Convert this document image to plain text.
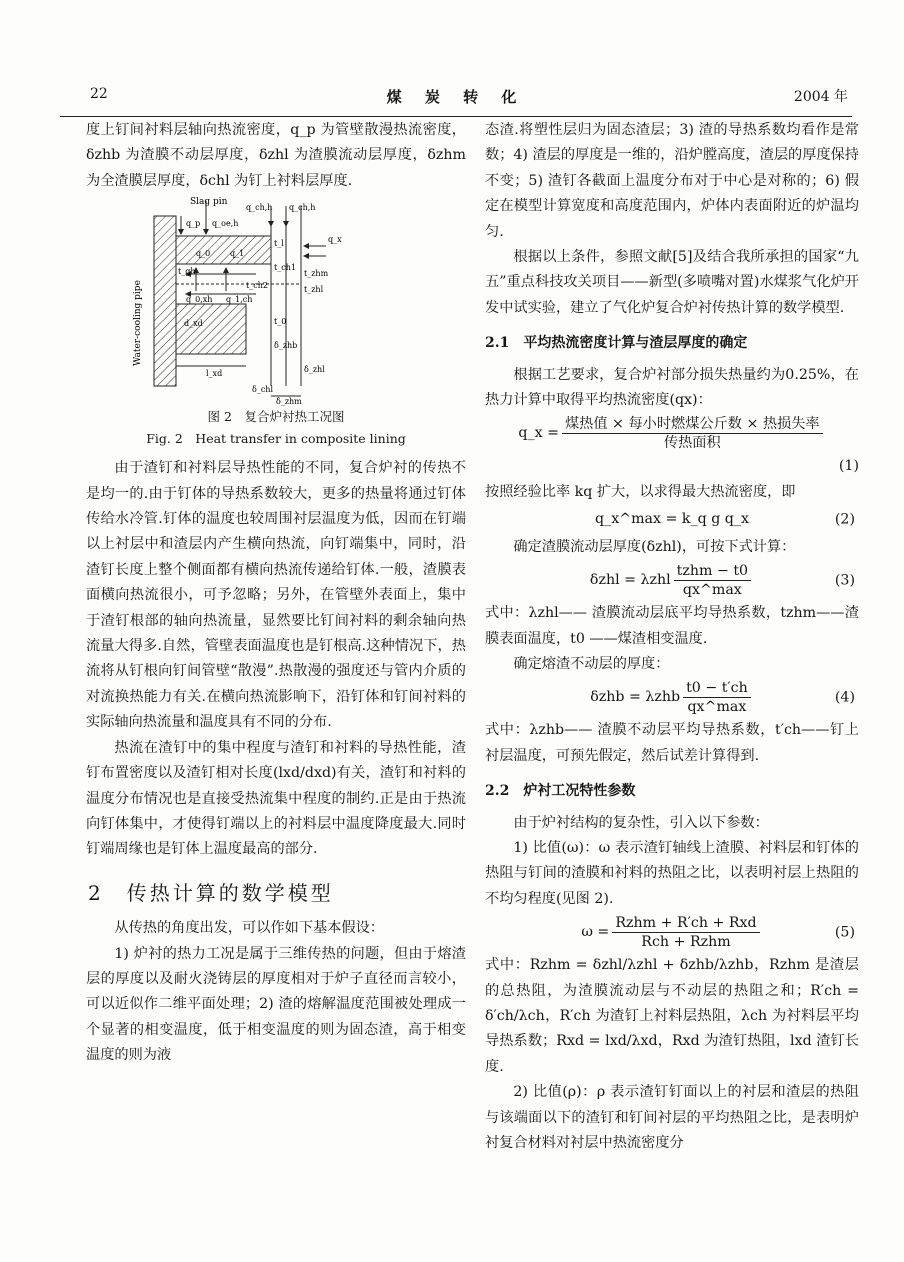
22	煤 炭 转 化	2004 年

度上钉间衬料层轴向热流密度，q_p 为管壁散漫热流密度，δzhb 为渣膜不动层厚度，δzhl 为渣膜流动层厚度，δzhm 为全渣膜层厚度，δchl 为钉上衬料层厚度.

Slag pin
Water-cooling pipe
q_p
q_ch,h q_ch,h
q_oe,h
q_x
q_0 q_1
t_l
t_ch1
t_gh	t_zhm
t_ch2	t_zhl
q_0,xh q_1,ch
d_xd	t_0
δ_zhb
l_xd	δ_zhl
δ_chl
δ_zhm
图 2　复合炉衬热工况图
Fig. 2　Heat transfer in composite lining

由于渣钉和衬料层导热性能的不同，复合炉衬的传热不是均一的.由于钉体的导热系数较大，更多的热量将通过钉体传给水冷管.钉体的温度也较周围衬层温度为低，因而在钉端以上衬层中和渣层内产生横向热流，向钉端集中，同时，沿渣钉长度上整个侧面都有横向热流传递给钉体.一般，渣膜表面横向热流很小，可予忽略；另外，在管壁外表面上，集中于渣钉根部的轴向热流量，显然要比钉间衬料的剩余轴向热流量大得多.自然，管壁表面温度也是钉根高.这种情况下，热流将从钉根向钉间管壁“散漫”.热散漫的强度还与管内介质的对流换热能力有关.在横向热流影响下，沿钉体和钉间衬料的实际轴向热流量和温度具有不同的分布.

热流在渣钉中的集中程度与渣钉和衬料的导热性能，渣钉布置密度以及渣钉相对长度(lxd/dxd)有关，渣钉和衬料的温度分布情况也是直接受热流集中程度的制约.正是由于热流向钉体集中，才使得钉端以上的衬料层中温度降度最大.同时钉端周缘也是钉体上温度最高的部分.

2　传热计算的数学模型

从传热的角度出发，可以作如下基本假设：

1) 炉衬的热力工况是属于三维传热的问题，但由于熔渣层的厚度以及耐火浇铸层的厚度相对于炉子直径而言较小，可以近似作二维平面处理；2) 渣的熔解温度范围被处理成一个显著的相变温度，低于相变温度的则为固态渣，高于相变温度的则为液

态渣.将塑性层归为固态渣层；3) 渣的导热系数均看作是常数；4) 渣层的厚度是一维的，沿炉膛高度，渣层的厚度保持不变；5) 渣钉各截面上温度分布对于中心是对称的；6) 假定在模型计算宽度和高度范围内，炉体内表面附近的炉温均匀.

根据以上条件，参照文献[5]及结合我所承担的国家“九五”重点科技攻关项目——新型(多喷嘴对置)水煤浆气化炉开发中试实验，建立了气化炉复合炉衬传热计算的数学模型.

2.1　平均热流密度计算与渣层厚度的确定

根据工艺要求，复合炉衬部分损失热量约为0.25%，在热力计算中取得平均热流密度(qx)：

q_x = $\frac{\text{煤热值 × 每小时燃煤公斤数 × 热损失率}}{\text{传热面积}}$
(1)

按照经验比率 kq 扩大，以求得最大热流密度，即

q_x^max = k_q g q_x	(2)

确定渣膜流动层厚度(δzhl)，可按下式计算：

δzhl = λzhl $\frac{\text{tzhm − t0}}{qx\^{}\max}$	(3)

式中：λzhl—— 渣膜流动层底平均导热系数，tzhm——渣膜表面温度，t0 ——煤渣相变温度.

确定熔渣不动层的厚度：

δzhb = λzhb $\frac{t0 - t'ch}{qx\^{}\max}$	(4)

式中：λzhb—— 渣膜不动层平均导热系数，t′ch——钉上衬层温度，可预先假定，然后试差计算得到.

2.2　炉衬工况特性参数

由于炉衬结构的复杂性，引入以下参数：

1) 比值(ω)：ω 表示渣钉轴线上渣膜、衬料层和钉体的热阻与钉间的渣膜和衬料的热阻之比，以表明衬层上热阻的不均匀程度(见图 2).

$\omega = \frac{\text{Rzhm + R′ch + Rxd}}{\text{Rch + Rzhm}}$	(5)

式中：Rzhm = δzhl/λzhl + δzhb/λzhb，Rzhm 是渣层的总热阻，为渣膜流动层与不动层的热阻之和；R′ch = δ′ch/λch，R′ch 为渣钉上衬料层热阻，λch 为衬料层平均导热系数；Rxd = lxd/λxd，Rxd 为渣钉热阻，lxd 渣钉长度.

2) 比值(ρ)：ρ 表示渣钉钉面以上的衬层和渣层的热阻与该端面以下的渣钉和钉间衬层的平均热阻之比，是表明炉衬复合材料对衬层中热流密度分
